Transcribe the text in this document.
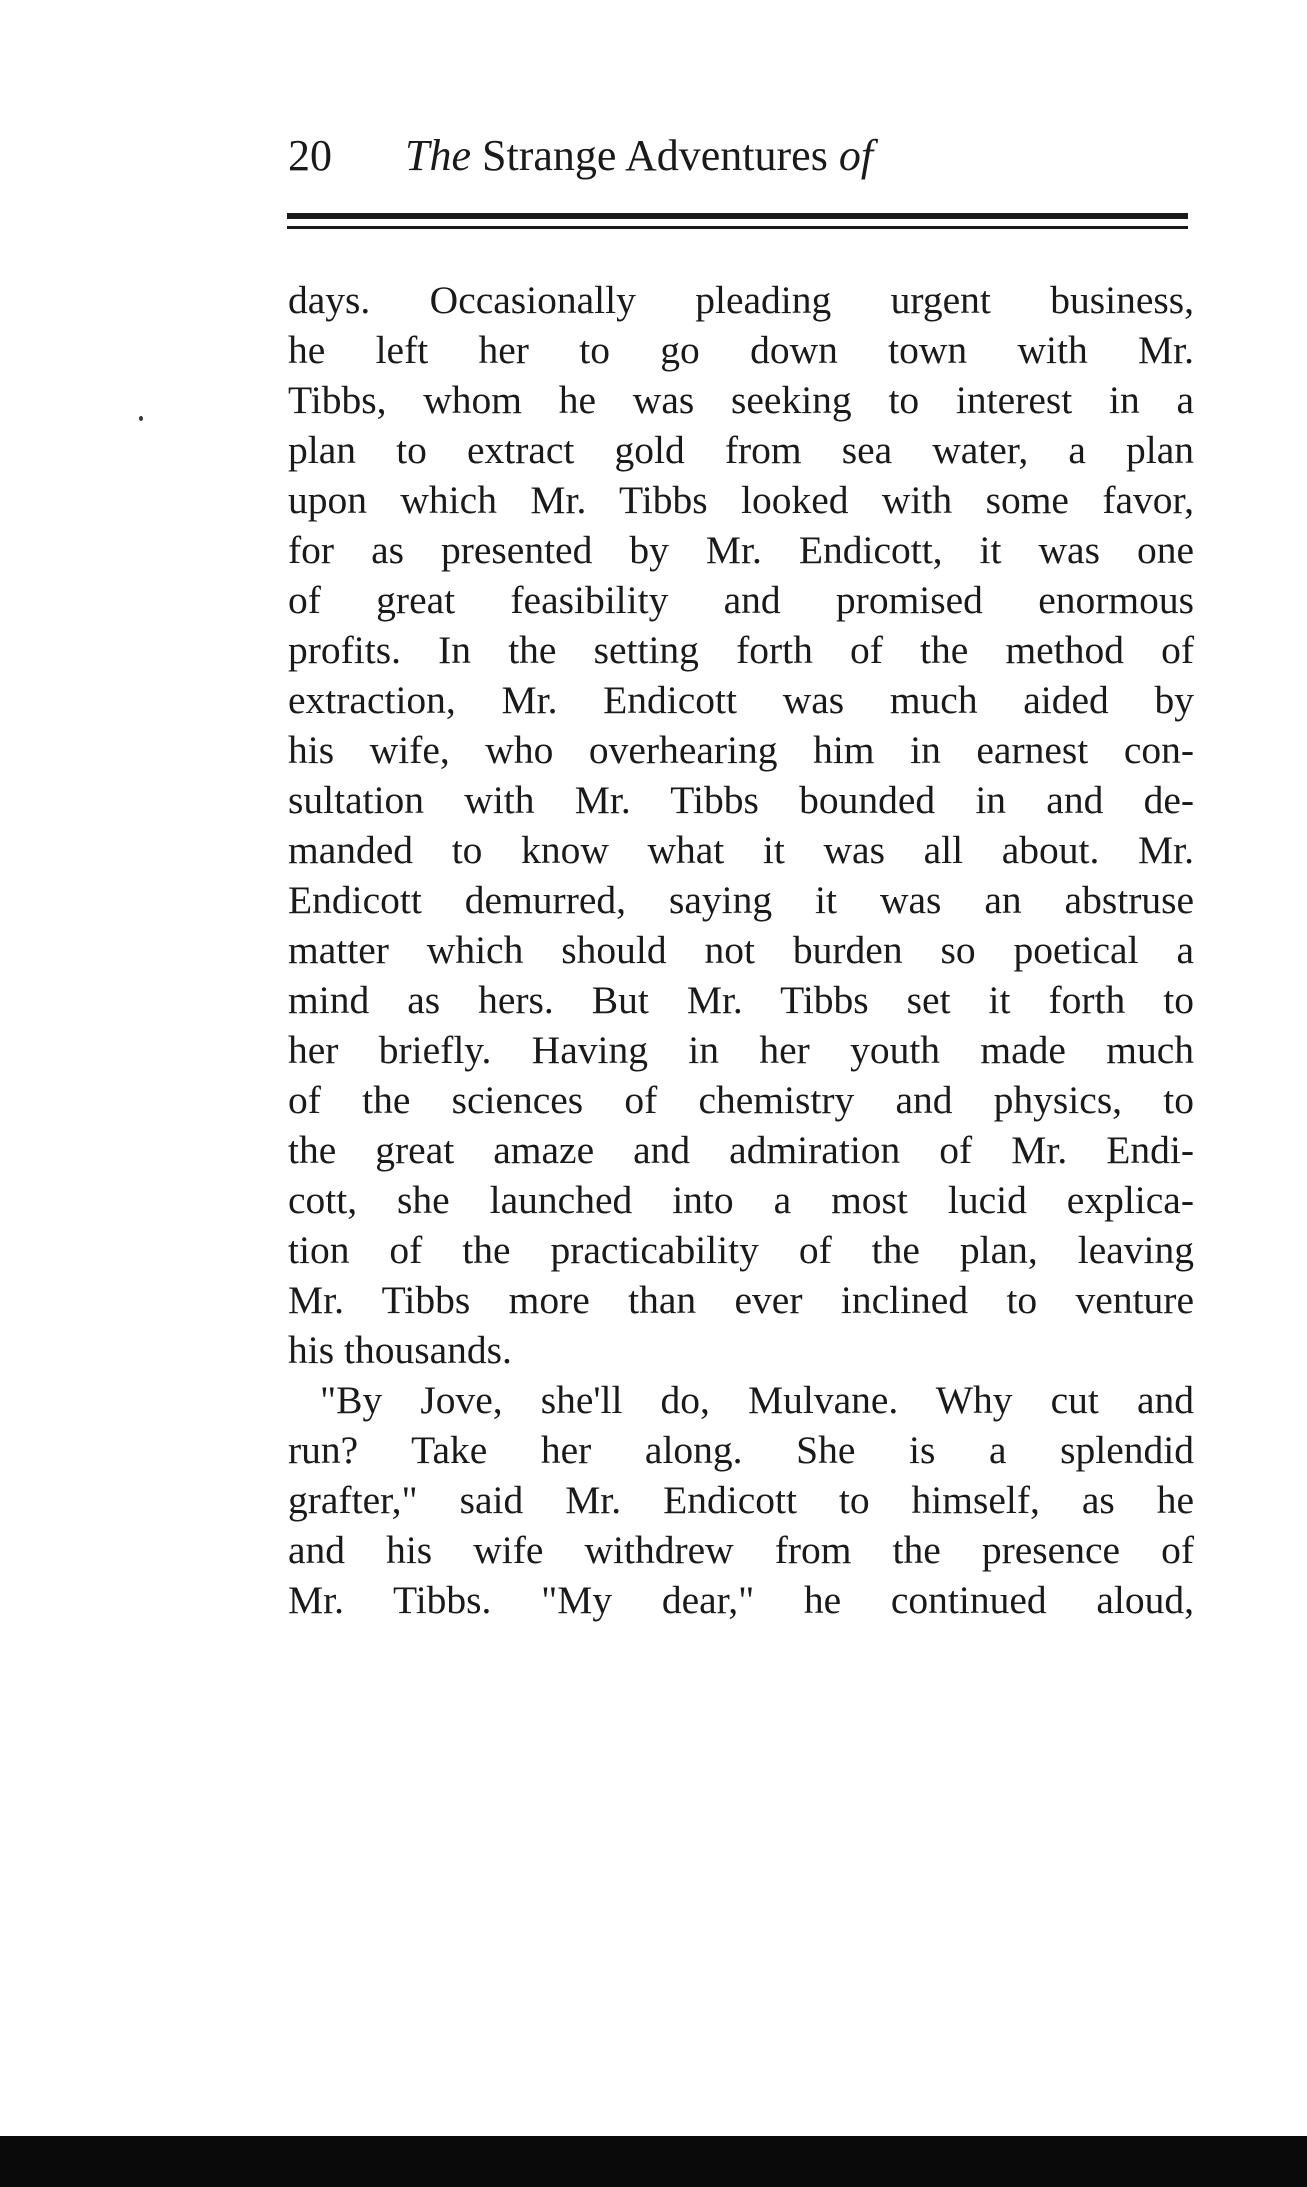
20 The Strange Adventures of
days. Occasionally pleading urgent business,
he left her to go down town with Mr.
Tibbs, whom he was seeking to interest in a
plan to extract gold from sea water, a plan
upon which Mr. Tibbs looked with some favor,
for as presented by Mr. Endicott, it was one
of great feasibility and promised enormous
profits. In the setting forth of the method of
extraction, Mr. Endicott was much aided by
his wife, who overhearing him in earnest con-
sultation with Mr. Tibbs bounded in and de-
manded to know what it was all about. Mr.
Endicott demurred, saying it was an abstruse
matter which should not burden so poetical a
mind as hers. But Mr. Tibbs set it forth to
her briefly. Having in her youth made much
of the sciences of chemistry and physics, to
the great amaze and admiration of Mr. Endi-
cott, she launched into a most lucid explica-
tion of the practicability of the plan, leaving
Mr. Tibbs more than ever inclined to venture
his thousands.
"By Jove, she'll do, Mulvane. Why cut and
run? Take her along. She is a splendid
grafter," said Mr. Endicott to himself, as he
and his wife withdrew from the presence of
Mr. Tibbs. "My dear," he continued aloud,
